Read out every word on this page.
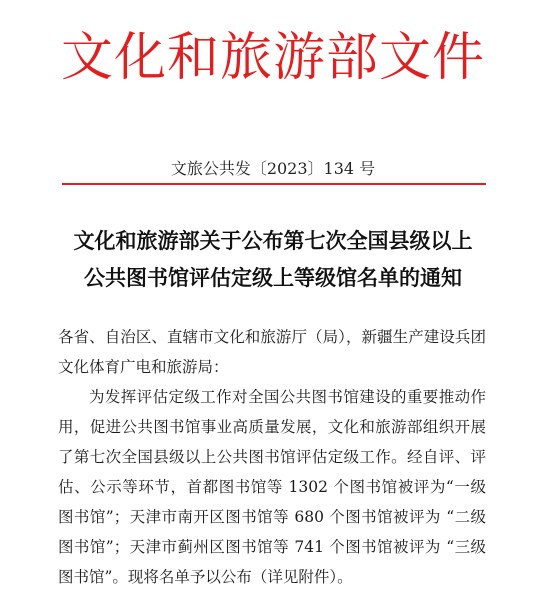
文化和旅游部文件
文旅公共发〔2023〕134 号
文化和旅游部关于公布第七次全国县级以上
公共图书馆评估定级上等级馆名单的通知

各省、自治区、直辖市文化和旅游厅（局），新疆生产建设兵团文化体育广电和旅游局：

为发挥评估定级工作对全国公共图书馆建设的重要推动作用，促进公共图书馆事业高质量发展，文化和旅游部组织开展了第七次全国县级以上公共图书馆评估定级工作。经自评、评估、公示等环节，首都图书馆等 1302 个图书馆被评为“一级图书馆”；天津市南开区图书馆等 680 个图书馆被评为 “二级图书馆”；天津市蓟州区图书馆等 741 个图书馆被评为 “三级图书馆”。现将名单予以公布（详见附件）。
